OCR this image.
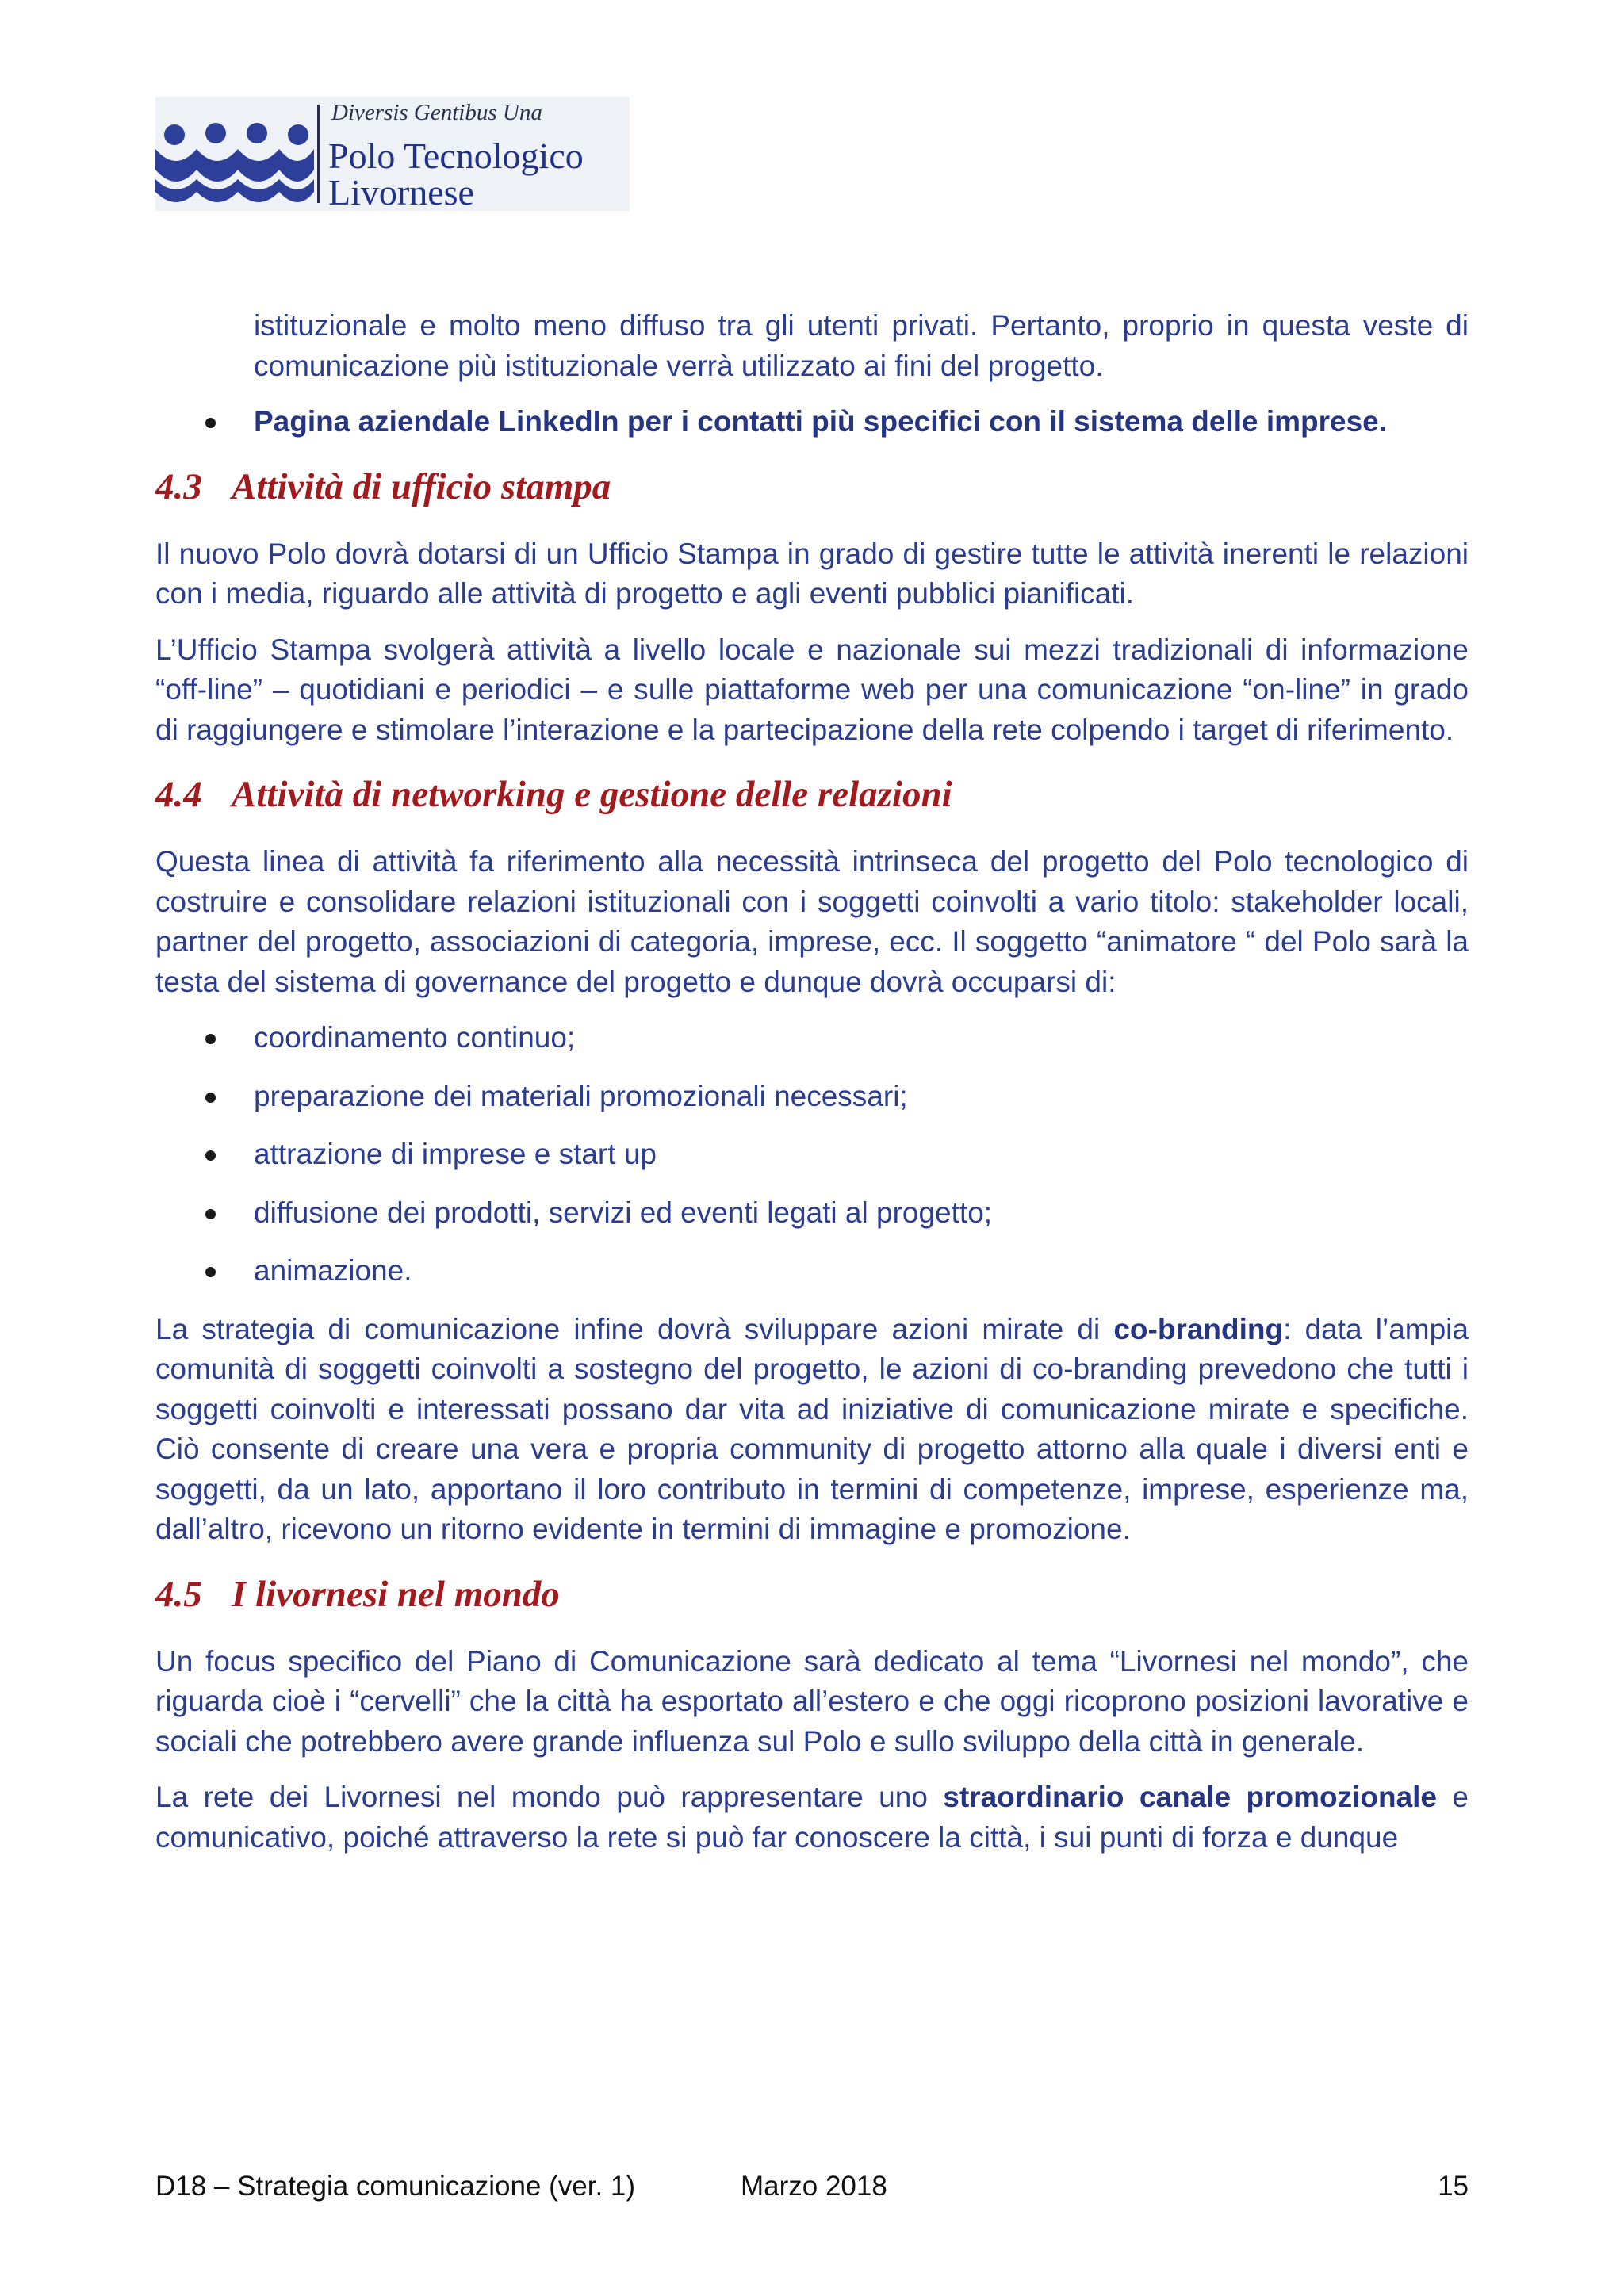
Diversis Gentibus Una
Polo Tecnologico
Livornese

istituzionale e molto meno diffuso tra gli utenti privati. Pertanto, proprio in questa veste di comunicazione più istituzionale verrà utilizzato ai fini del progetto.

Pagina aziendale LinkedIn per i contatti più specifici con il sistema delle imprese.
4.3 Attività di ufficio stampa

Il nuovo Polo dovrà dotarsi di un Ufficio Stampa in grado di gestire tutte le attività inerenti le relazioni con i media, riguardo alle attività di progetto e agli eventi pubblici pianificati.

L’Ufficio Stampa svolgerà attività a livello locale e nazionale sui mezzi tradizionali di informazione “off-line” – quotidiani e periodici – e sulle piattaforme web per una comunicazione “on-line” in grado di raggiungere e stimolare l’interazione e la partecipazione della rete colpendo i target di riferimento.

4.4 Attività di networking e gestione delle relazioni

Questa linea di attività fa riferimento alla necessità intrinseca del progetto del Polo tecnologico di costruire e consolidare relazioni istituzionali con i soggetti coinvolti a vario titolo: stakeholder locali, partner del progetto, associazioni di categoria, imprese, ecc. Il soggetto “animatore “ del Polo sarà la testa del sistema di governance del progetto e dunque dovrà occuparsi di:

coordinamento continuo;
preparazione dei materiali promozionali necessari;
attrazione di imprese e start up
diffusione dei prodotti, servizi ed eventi legati al progetto;
animazione.

La strategia di comunicazione infine dovrà sviluppare azioni mirate di co-branding: data l’ampia comunità di soggetti coinvolti a sostegno del progetto, le azioni di co-branding prevedono che tutti i soggetti coinvolti e interessati possano dar vita ad iniziative di comunicazione mirate e specifiche. Ciò consente di creare una vera e propria community di progetto attorno alla quale i diversi enti e soggetti, da un lato, apportano il loro contributo in termini di competenze, imprese, esperienze ma, dall’altro, ricevono un ritorno evidente in termini di immagine e promozione.

4.5 I livornesi nel mondo

Un focus specifico del Piano di Comunicazione sarà dedicato al tema “Livornesi nel mondo”, che riguarda cioè i “cervelli” che la città ha esportato all’estero e che oggi ricoprono posizioni lavorative e sociali che potrebbero avere grande influenza sul Polo e sullo sviluppo della città in generale.

La rete dei Livornesi nel mondo può rappresentare uno straordinario canale promozionale e comunicativo, poiché attraverso la rete si può far conoscere la città, i sui punti di forza e dunque

D18 – Strategia comunicazione (ver. 1)	Marzo 2018	15
